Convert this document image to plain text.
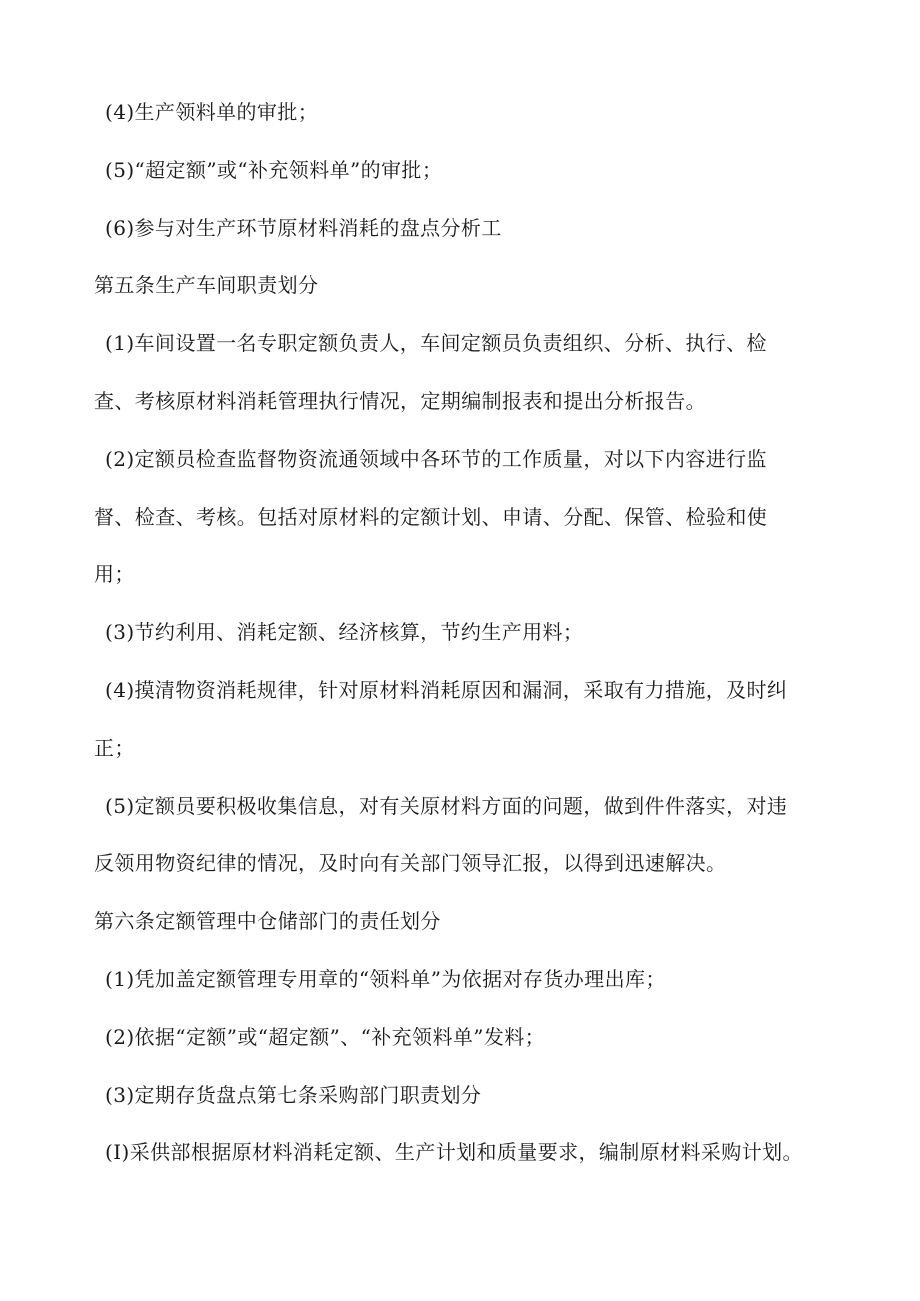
(4)生产领料单的审批；
(5)“超定额”或“补充领料单”的审批；
(6)参与对生产环节原材料消耗的盘点分析工
第五条生产车间职责划分
(1)车间设置一名专职定额负责人，车间定额员负责组织、分析、执行、检
查、考核原材料消耗管理执行情况，定期编制报表和提出分析报告。
(2)定额员检查监督物资流通领域中各环节的工作质量，对以下内容进行监
督、检查、考核。包括对原材料的定额计划、申请、分配、保管、检验和使
用；
(3)节约利用、消耗定额、经济核算，节约生产用料；
(4)摸清物资消耗规律，针对原材料消耗原因和漏洞，采取有力措施，及时纠
正；
(5)定额员要积极收集信息，对有关原材料方面的问题，做到件件落实，对违
反领用物资纪律的情况，及时向有关部门领导汇报，以得到迅速解决。
第六条定额管理中仓储部门的责任划分
(1)凭加盖定额管理专用章的“领料单”为依据对存货办理出库；
(2)依据“定额”或“超定额”、“补充领料单”发料；
(3)定期存货盘点第七条采购部门职责划分
(I)采供部根据原材料消耗定额、生产计划和质量要求，编制原材料采购计划。
